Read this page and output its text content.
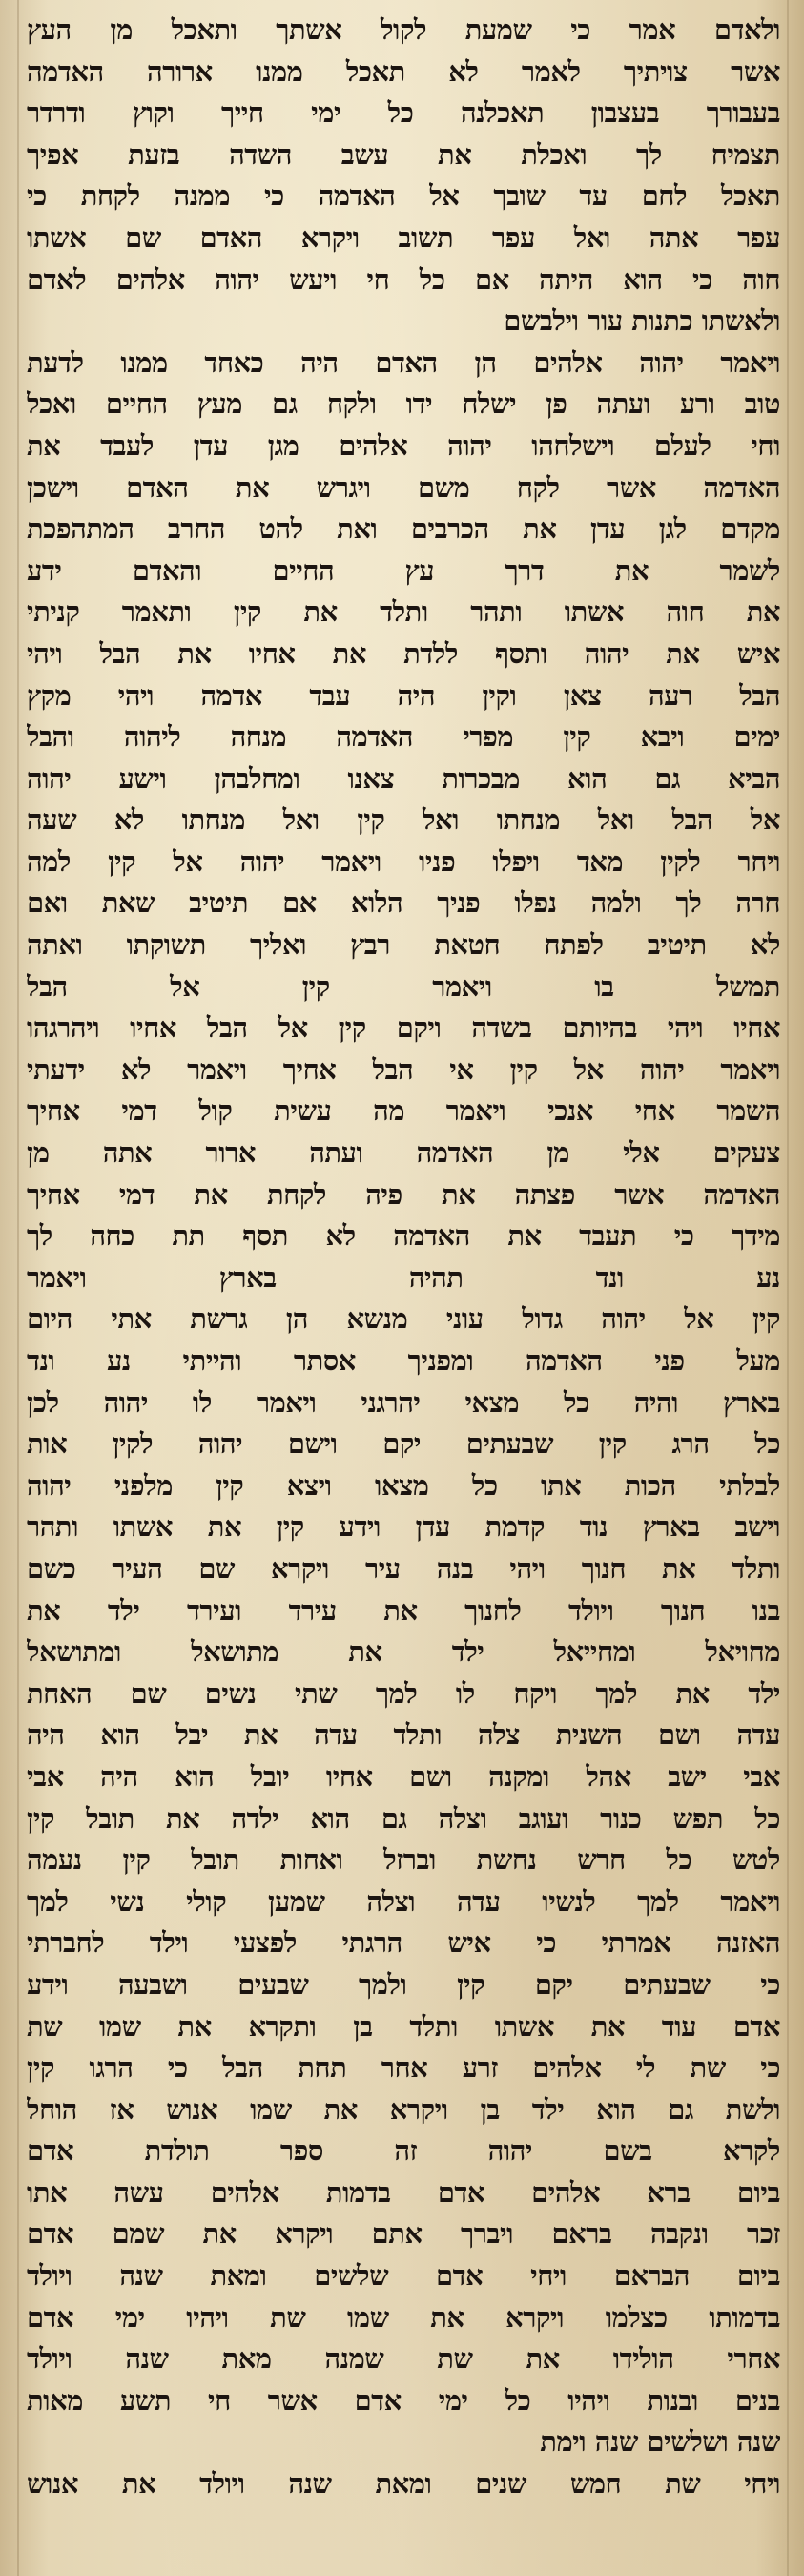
ולאדם אמר כי שמעת לקול אשתך ותאכל מן העץ
אשר צויתיך לאמר לא תאכל ממנו ארורה האדמה
בעבורך בעצבון תאכלנה כל ימי חייך וקוץ ודרדר
תצמיח לך ואכלת את עשב השדה בזעת אפיך
תאכל לחם עד שובך אל האדמה כי ממנה לקחת כי
עפר אתה ואל עפר תשוב ויקרא האדם שם אשתו
חוה כי הוא היתה אם כל חי ויעש יהוה אלהים לאדם
ולאשתו כתנות עור וילבשם
ויאמר יהוה אלהים הן האדם היה כאחד ממנו לדעת
טוב ורע ועתה פן ישלח ידו ולקח גם מעץ החיים ואכל
וחי לעלם וישלחהו יהוה אלהים מגן עדן לעבד את
האדמה אשר לקח משם ויגרש את האדם וישכן
מקדם לגן עדן את הכרבים ואת להט החרב המתהפכת
לשמר את דרך עץ החיים והאדם ידע
את חוה אשתו ותהר ותלד את קין ותאמר קניתי
איש את יהוה ותסף ללדת את אחיו את הבל ויהי
הבל רעה צאן וקין היה עבד אדמה ויהי מקץ
ימים ויבא קין מפרי האדמה מנחה ליהוה והבל
הביא גם הוא מבכרות צאנו ומחלבהן וישע יהוה
אל הבל ואל מנחתו ואל קין ואל מנחתו לא שעה
ויחר לקין מאד ויפלו פניו ויאמר יהוה אל קין למה
חרה לך ולמה נפלו פניך הלוא אם תיטיב שאת ואם
לא תיטיב לפתח חטאת רבץ ואליך תשוקתו ואתה
תמשל בו ויאמר קין אל הבל
אחיו ויהי בהיותם בשדה ויקם קין אל הבל אחיו ויהרגהו
ויאמר יהוה אל קין אי הבל אחיך ויאמר לא ידעתי
השמר אחי אנכי ויאמר מה עשית קול דמי אחיך
צעקים אלי מן האדמה ועתה ארור אתה מן
האדמה אשר פצתה את פיה לקחת את דמי אחיך
מידך כי תעבד את האדמה לא תסף תת כחה לך
נע ונד תהיה בארץ ויאמר
קין אל יהוה גדול עוני מנשא הן גרשת אתי היום
מעל פני האדמה ומפניך אסתר והייתי נע ונד
בארץ והיה כל מצאי יהרגני ויאמר לו יהוה לכן
כל הרג קין שבעתים יקם וישם יהוה לקין אות
לבלתי הכות אתו כל מצאו ויצא קין מלפני יהוה
וישב בארץ נוד קדמת עדן וידע קין את אשתו ותהר
ותלד את חנוך ויהי בנה עיר ויקרא שם העיר כשם
בנו חנוך ויולד לחנוך את עירד ועירד ילד את
מחויאל ומחייאל ילד את מתושאל ומתושאל
ילד את למך ויקח לו למך שתי נשים שם האחת
עדה ושם השנית צלה ותלד עדה את יבל הוא היה
אבי ישב אהל ומקנה ושם אחיו יובל הוא היה אבי
כל תפש כנור ועוגב וצלה גם הוא ילדה את תובל קין
לטש כל חרש נחשת וברזל ואחות תובל קין נעמה
ויאמר למך לנשיו עדה וצלה שמען קולי נשי למך
האזנה אמרתי כי איש הרגתי לפצעי וילד לחברתי
כי שבעתים יקם קין ולמך שבעים ושבעה וידע
אדם עוד את אשתו ותלד בן ותקרא את שמו שת
כי שת לי אלהים זרע אחר תחת הבל כי הרגו קין
ולשת גם הוא ילד בן ויקרא את שמו אנוש אז הוחל
לקרא בשם יהוה זה ספר תולדת אדם
ביום ברא אלהים אדם בדמות אלהים עשה אתו
זכר ונקבה בראם ויברך אתם ויקרא את שמם אדם
ביום הבראם ויחי אדם שלשים ומאת שנה ויולד
בדמותו כצלמו ויקרא את שמו שת ויהיו ימי אדם
אחרי הולידו את שת שמנה מאת שנה ויולד
בנים ובנות ויהיו כל ימי אדם אשר חי תשע מאות
שנה ושלשים שנה וימת
ויחי שת חמש שנים ומאת שנה ויולד את אנוש
